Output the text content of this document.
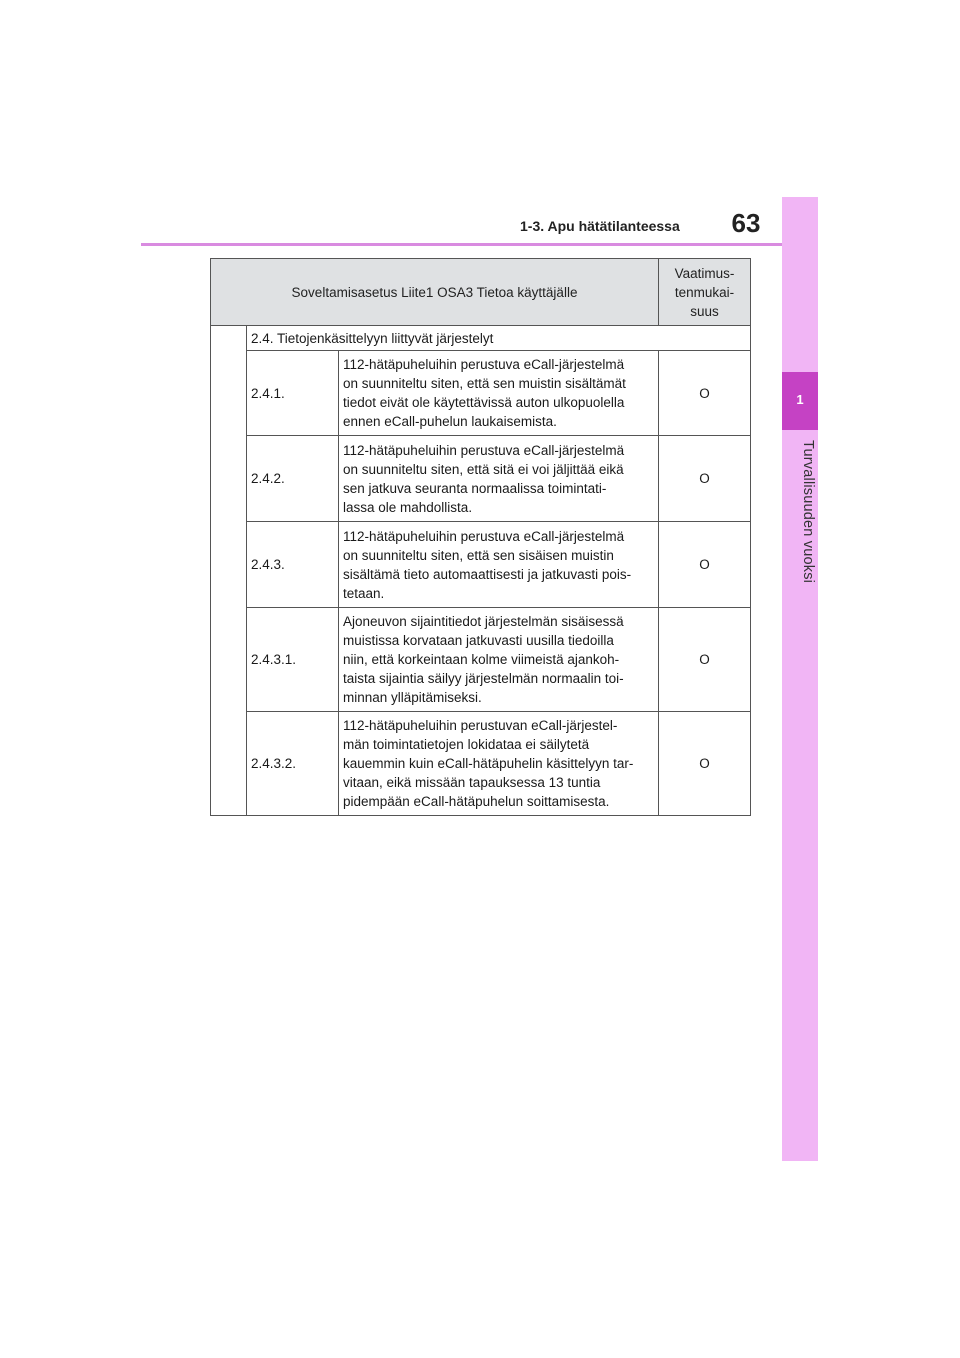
1-3. Apu hätätilanteessa	63
1
Turvallisuuden vuoksi
Soveltamisasetus Liite1 OSA3 Tietoa käyttäjälle			Vaatimus-
tenmukai-
suus

	2.4. Tietojenkäsittelyyn liittyvät järjestelyt		
	2.4.1.	112-hätäpuheluihin perustuva eCall-järjestelmä
on suunniteltu siten, että sen muistin sisältämät
tiedot eivät ole käytettävissä auton ulkopuolella
ennen eCall-puhelun laukaisemista.	O
	2.4.2.	112-hätäpuheluihin perustuva eCall-järjestelmä
on suunniteltu siten, että sitä ei voi jäljittää eikä
sen jatkuva seuranta normaalissa toimintati-
lassa ole mahdollista.	O
	2.4.3.	112-hätäpuheluihin perustuva eCall-järjestelmä
on suunniteltu siten, että sen sisäisen muistin
sisältämä tieto automaattisesti ja jatkuvasti pois-
tetaan.	O
	2.4.3.1.	Ajoneuvon sijaintitiedot järjestelmän sisäisessä
muistissa korvataan jatkuvasti uusilla tiedoilla
niin, että korkeintaan kolme viimeistä ajankoh-
taista sijaintia säilyy järjestelmän normaalin toi-
minnan ylläpitämiseksi.	O
	2.4.3.2.	112-hätäpuheluihin perustuvan eCall-järjestel-
män toimintatietojen lokidataa ei säilytetä
kauemmin kuin eCall-hätäpuhelin käsittelyyn tar-
vitaan, eikä missään tapauksessa 13 tuntia
pidempään eCall-hätäpuhelun soittamisesta.	O
